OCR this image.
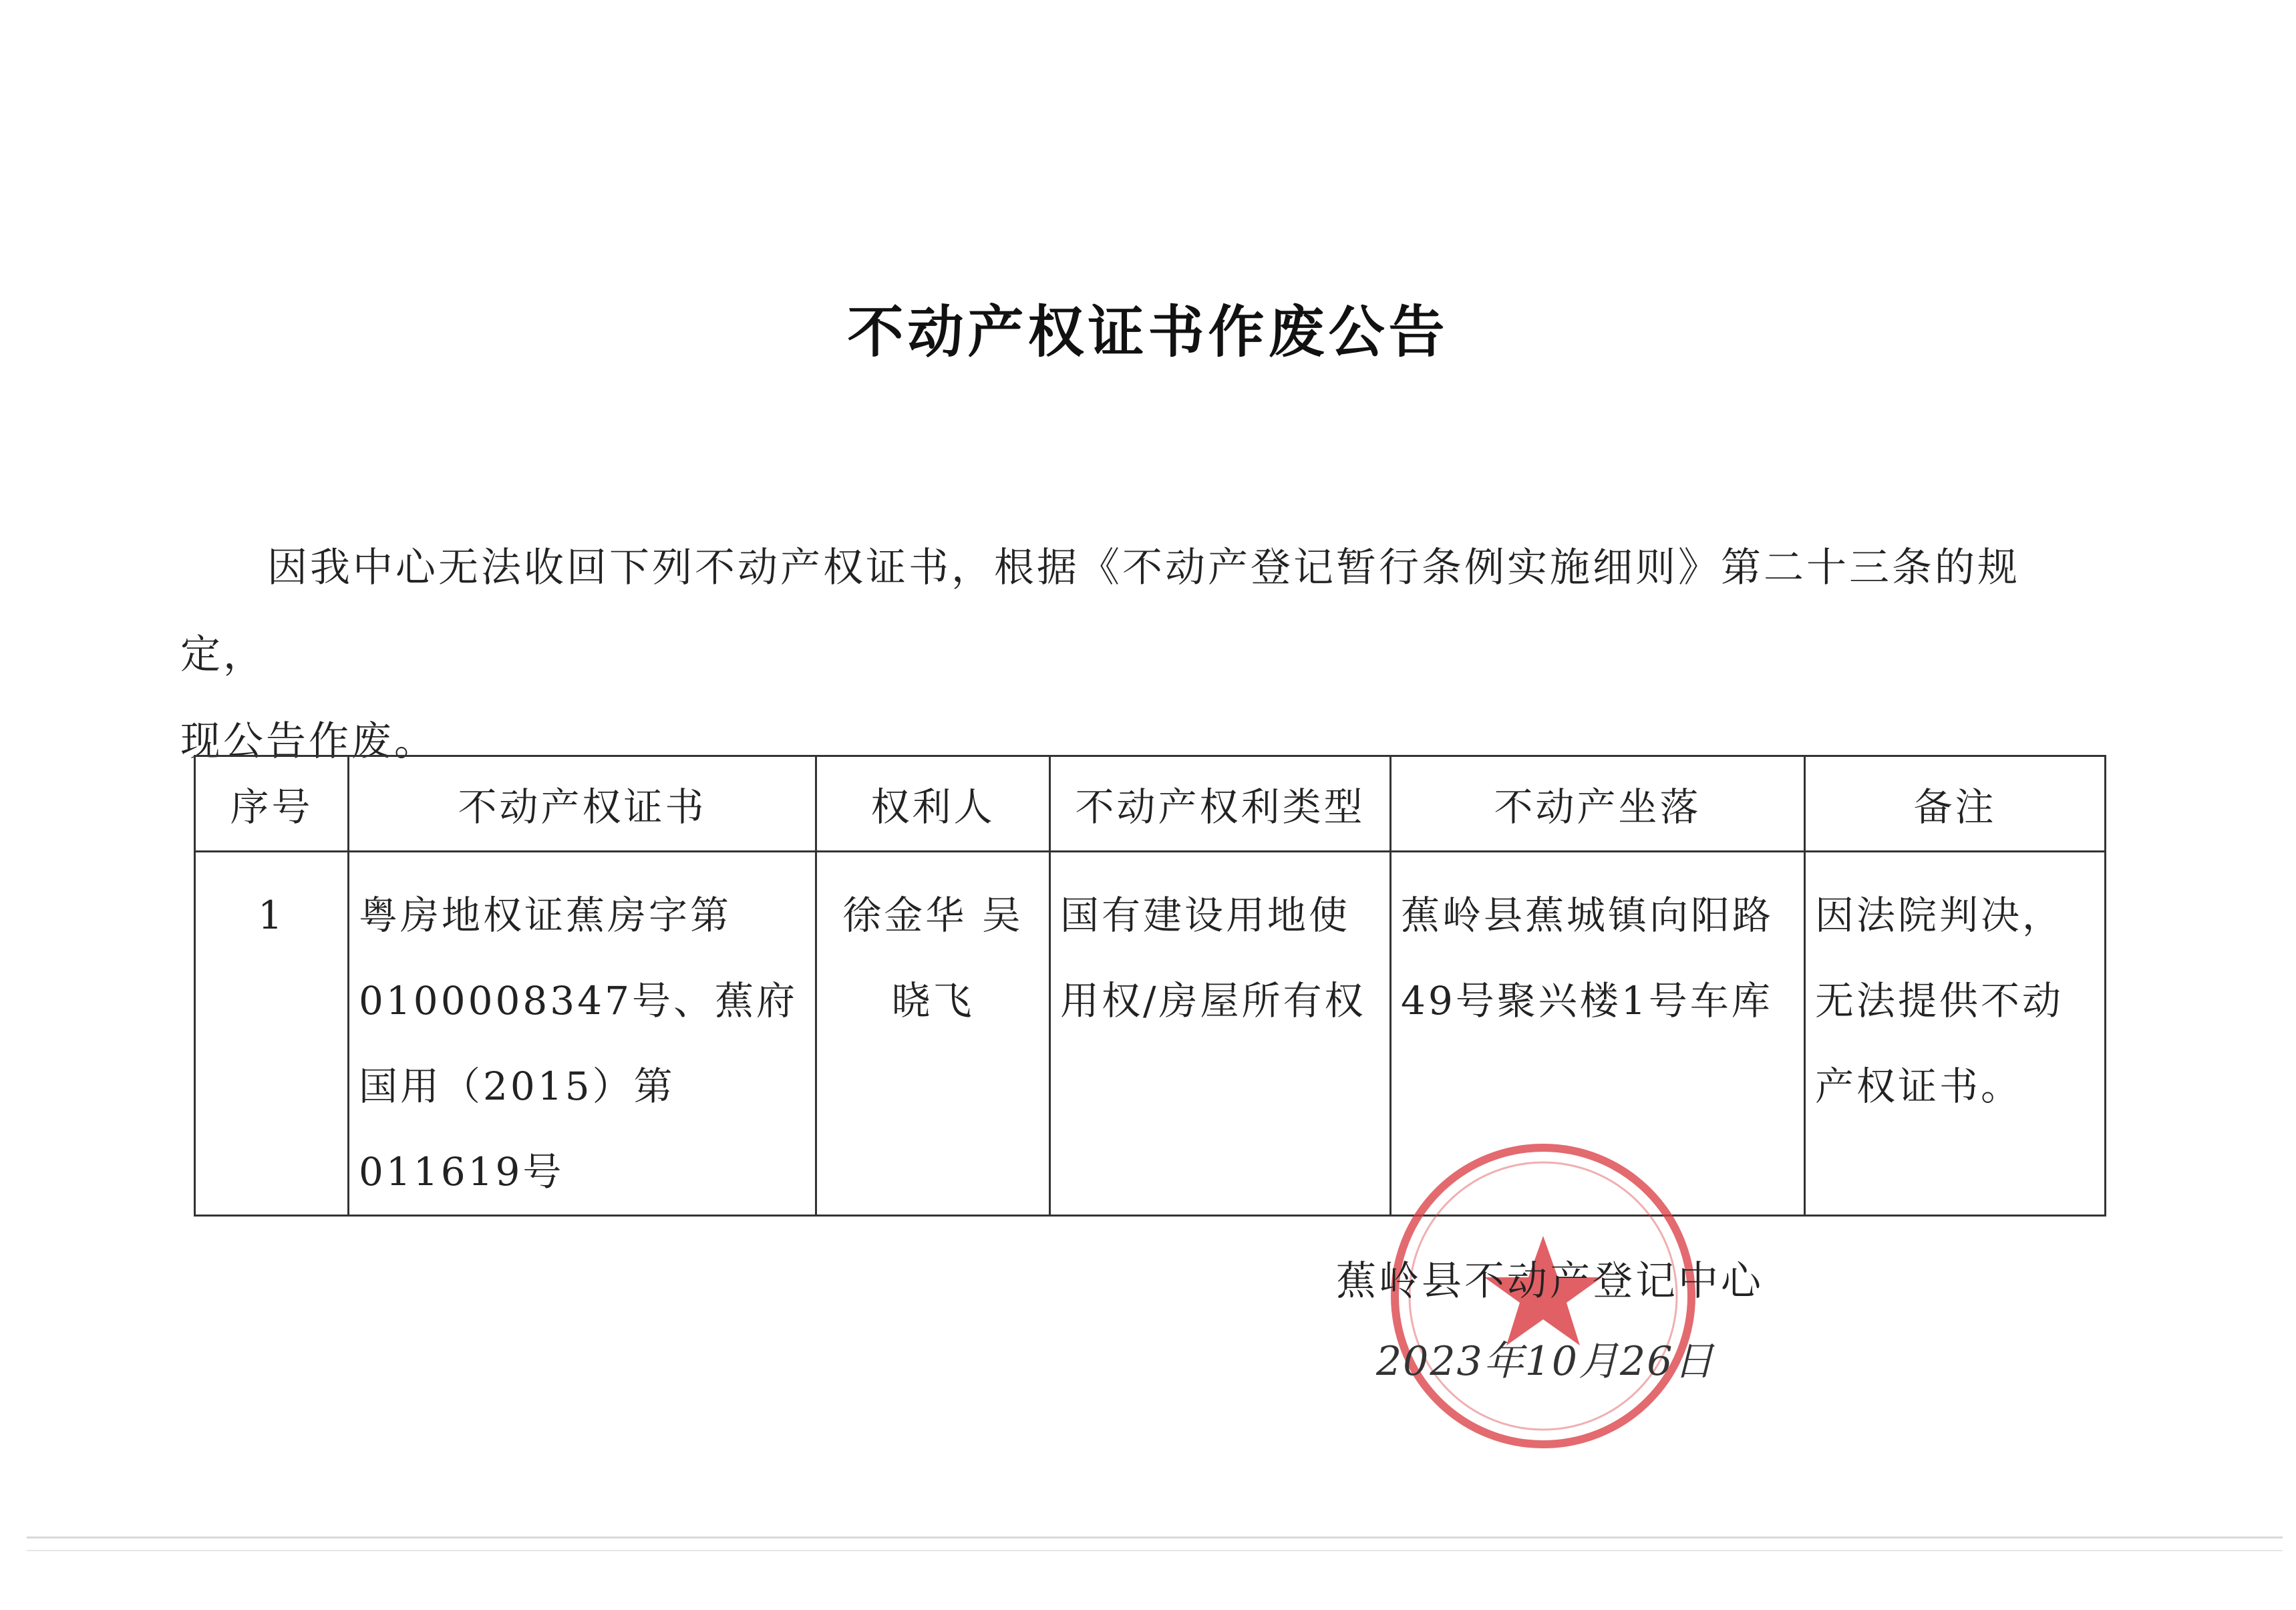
不动产权证书作废公告
因我中心无法收回下列不动产权证书，根据《不动产登记暂行条例实施细则》第二十三条的规定，
现公告作废。
序号	不动产权证书	权利人	不动产权利类型	不动产坐落	备注
1	粤房地权证蕉房字第0100008347号、蕉府国用（2015）第011619号	徐金华 吴晓飞	国有建设用地使用权/房屋所有权	蕉岭县蕉城镇向阳路49号聚兴楼1号车库	因法院判决，无法提供不动产权证书。
蕉岭县不动产登记中心
2023年10月26日
